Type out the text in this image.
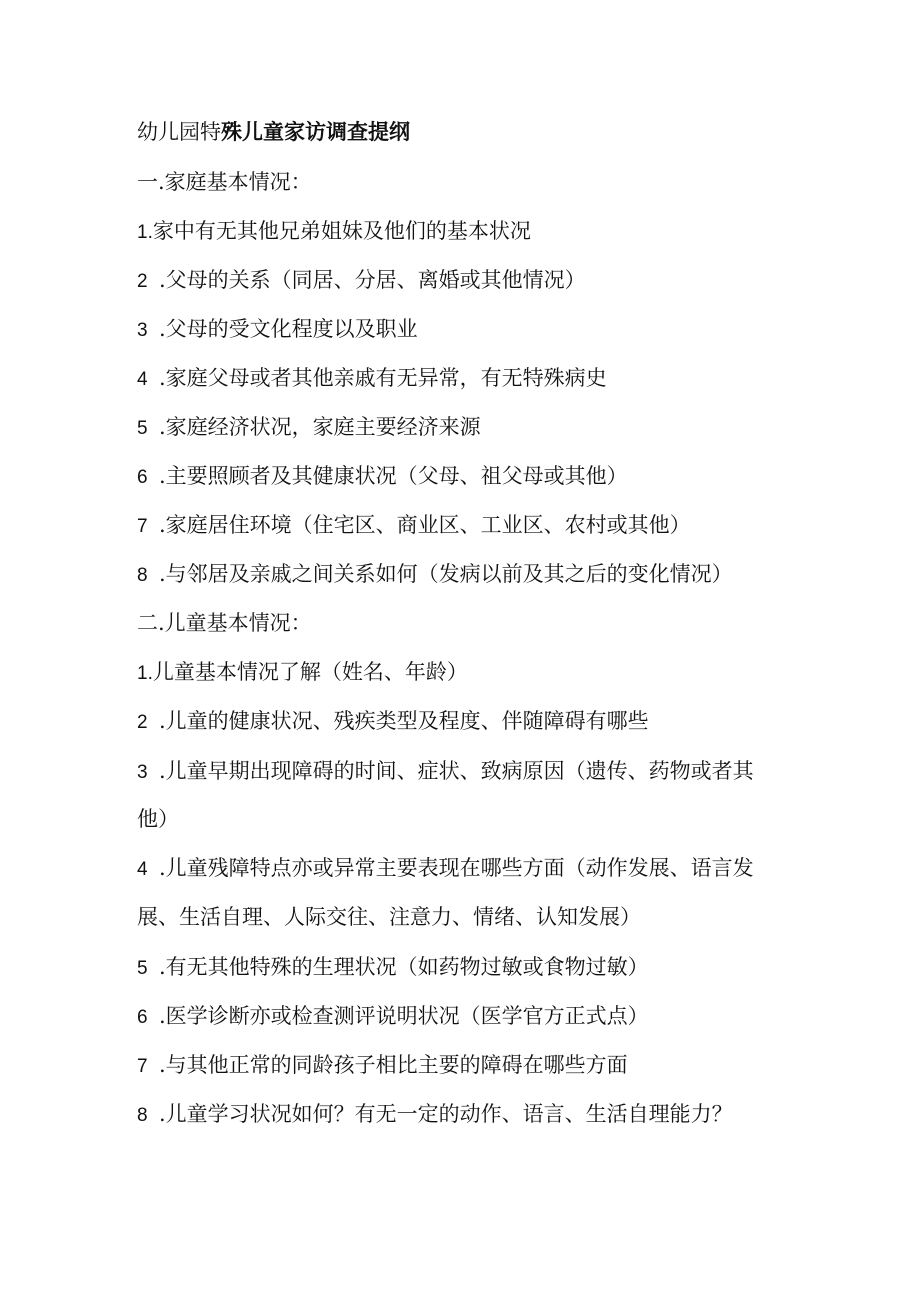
幼儿园特殊儿童家访调查提纲
一.家庭基本情况：
1.家中有无其他兄弟姐妹及他们的基本状况
2 .父母的关系（同居、分居、离婚或其他情况）
3 .父母的受文化程度以及职业
4 .家庭父母或者其他亲戚有无异常，有无特殊病史
5 .家庭经济状况，家庭主要经济来源
6 .主要照顾者及其健康状况（父母、祖父母或其他）
7 .家庭居住环境（住宅区、商业区、工业区、农村或其他）
8 .与邻居及亲戚之间关系如何（发病以前及其之后的变化情况）
二.儿童基本情况：
1.儿童基本情况了解（姓名、年龄）
2 .儿童的健康状况、残疾类型及程度、伴随障碍有哪些
3 .儿童早期出现障碍的时间、症状、致病原因（遗传、药物或者其
他）
4 .儿童残障特点亦或异常主要表现在哪些方面（动作发展、语言发
展、生活自理、人际交往、注意力、情绪、认知发展）
5 .有无其他特殊的生理状况（如药物过敏或食物过敏）
6 .医学诊断亦或检查测评说明状况（医学官方正式点）
7 .与其他正常的同龄孩子相比主要的障碍在哪些方面
8 .儿童学习状况如何？有无一定的动作、语言、生活自理能力？
